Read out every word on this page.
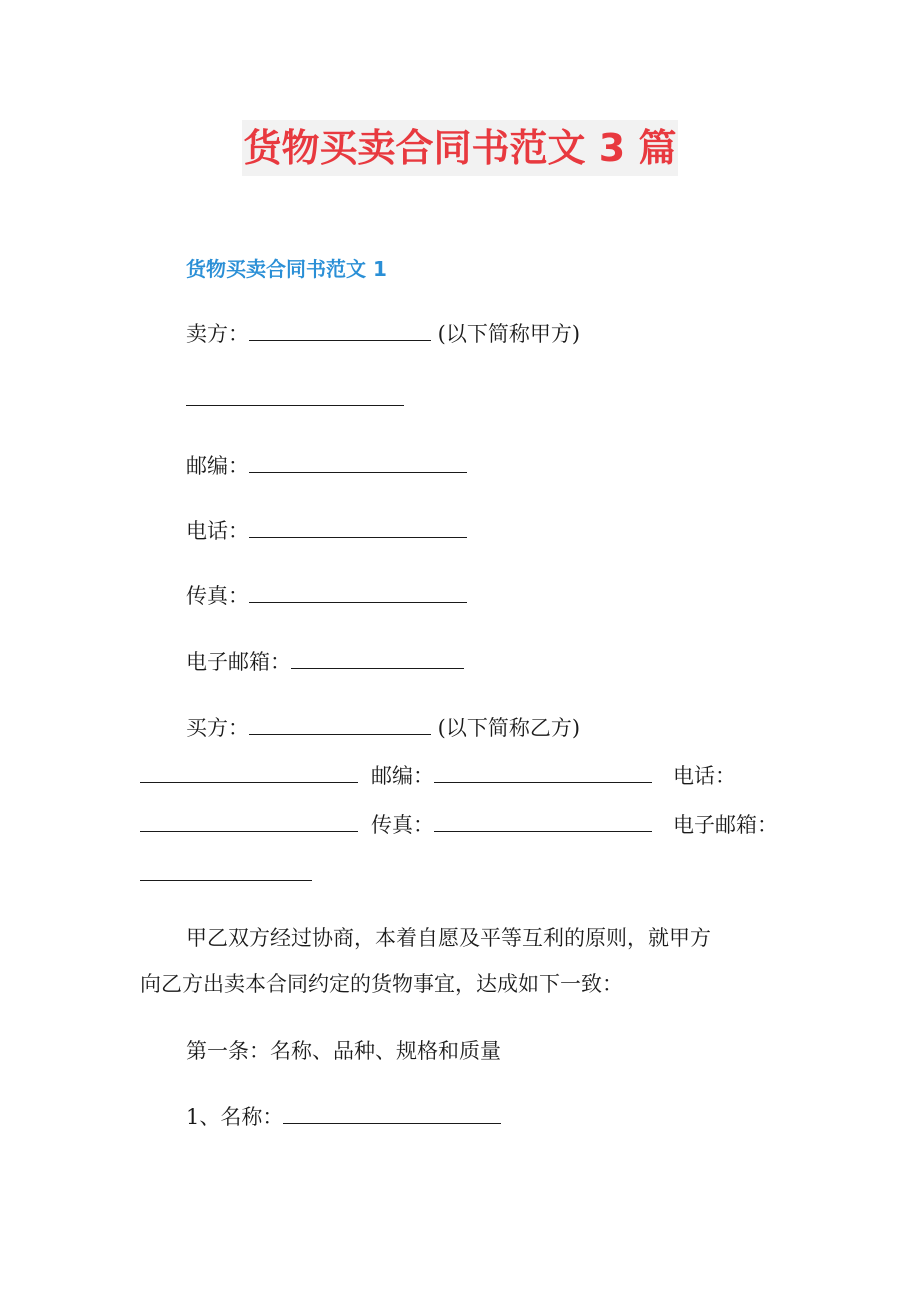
货物买卖合同书范文 3 篇
货物买卖合同书范文 1
卖方：	(以下简称甲方)
邮编：
电话：
传真：
电子邮箱：
买方：	(以下简称乙方)
邮编：	电话：
传真：	电子邮箱：
甲乙双方经过协商，本着自愿及平等互利的原则，就甲方
向乙方出卖本合同约定的货物事宜，达成如下一致：
第一条：名称、品种、规格和质量
1、名称：
